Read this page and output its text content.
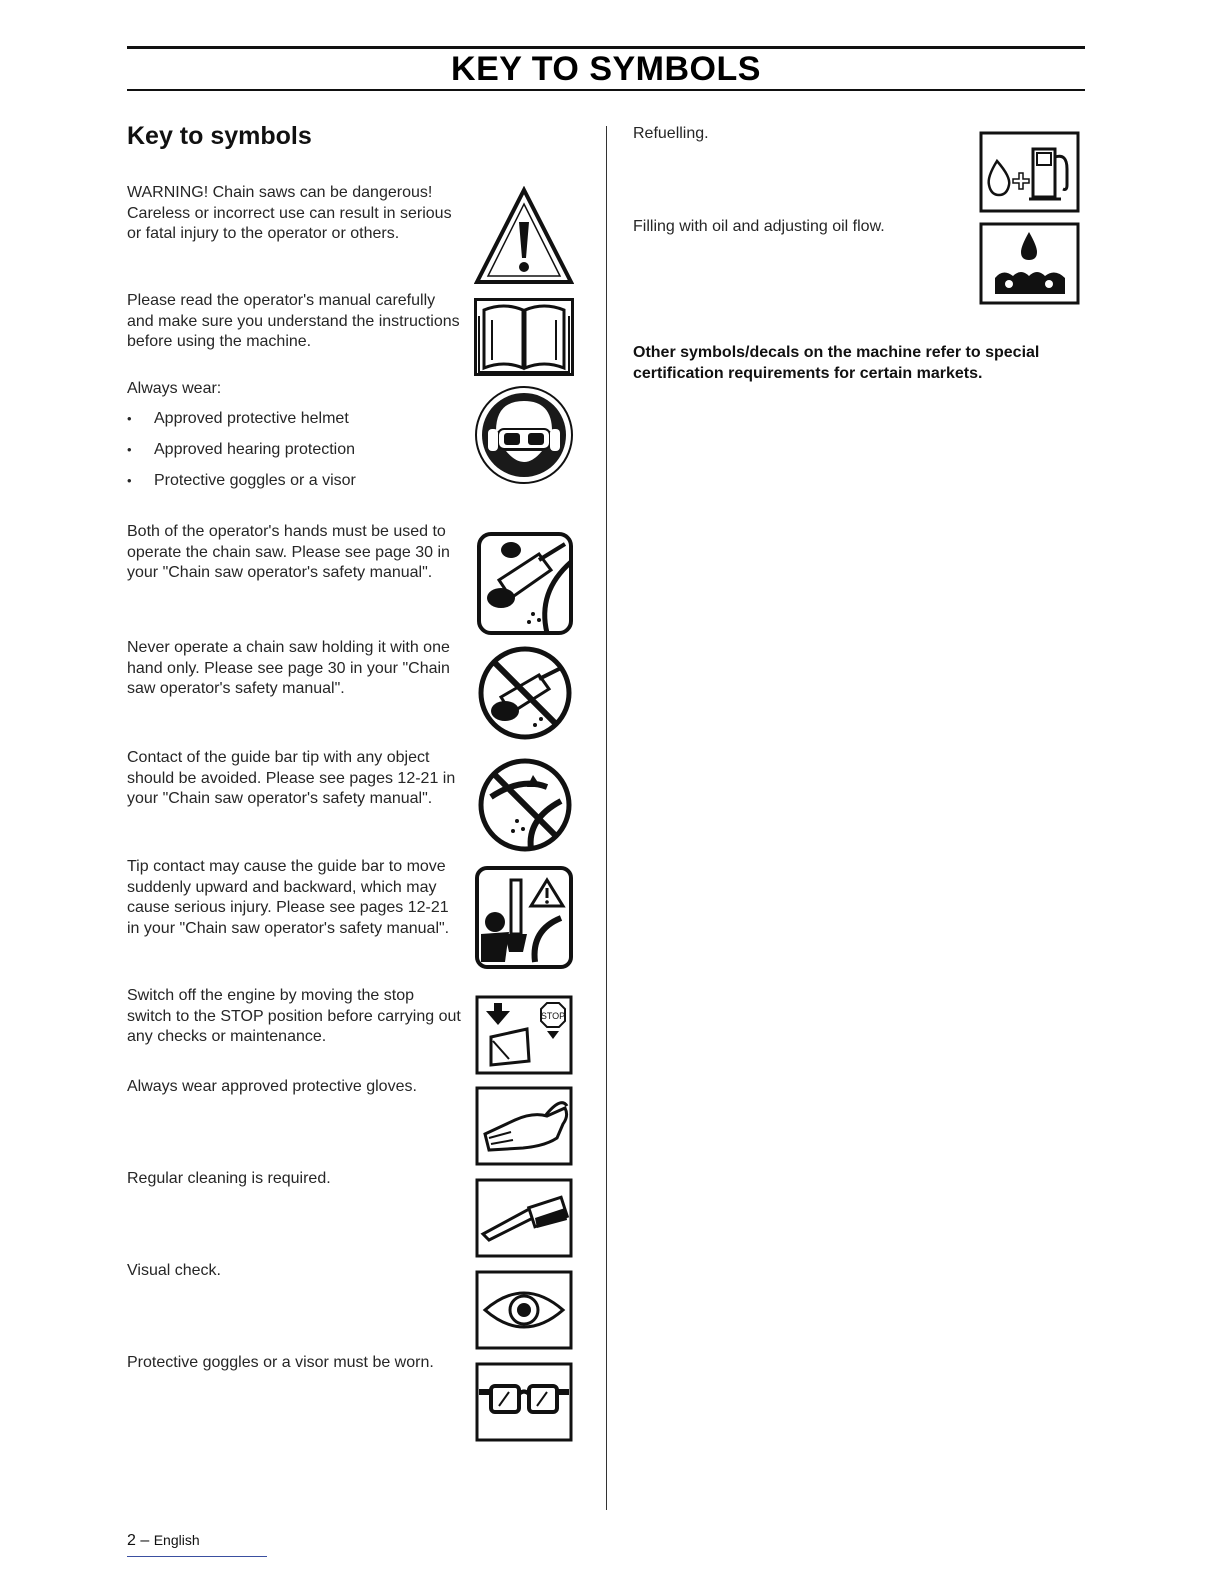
KEY TO SYMBOLS
Key to symbols
WARNING! Chain saws can be dangerous! Careless or incorrect use can result in serious or fatal injury to the operator or others.
Please read the operator's manual carefully and make sure you understand the instructions before using the machine.
Always wear:
• Approved protective helmet
• Approved hearing protection
• Protective goggles or a visor
Both of the operator's hands must be used to operate the chain saw. Please see page 30 in your "Chain saw operator's safety manual".
Never operate a chain saw holding it with one hand only. Please see page 30 in your "Chain saw operator's safety manual".
Contact of the guide bar tip with any object should be avoided. Please see pages 12-21 in your "Chain saw operator's safety manual".
Tip contact may cause the guide bar to move suddenly upward and backward, which may cause serious injury. Please see pages 12-21 in your "Chain saw operator's safety manual".
Switch off the engine by moving the stop switch to the STOP position before carrying out any checks or maintenance.
Always wear approved protective gloves.
Regular cleaning is required.
Visual check.
Protective goggles or a visor must be worn.
STOP
Refuelling.
Filling with oil and adjusting oil flow.
Other symbols/decals on the machine refer to special certification requirements for certain markets.
2 – English
